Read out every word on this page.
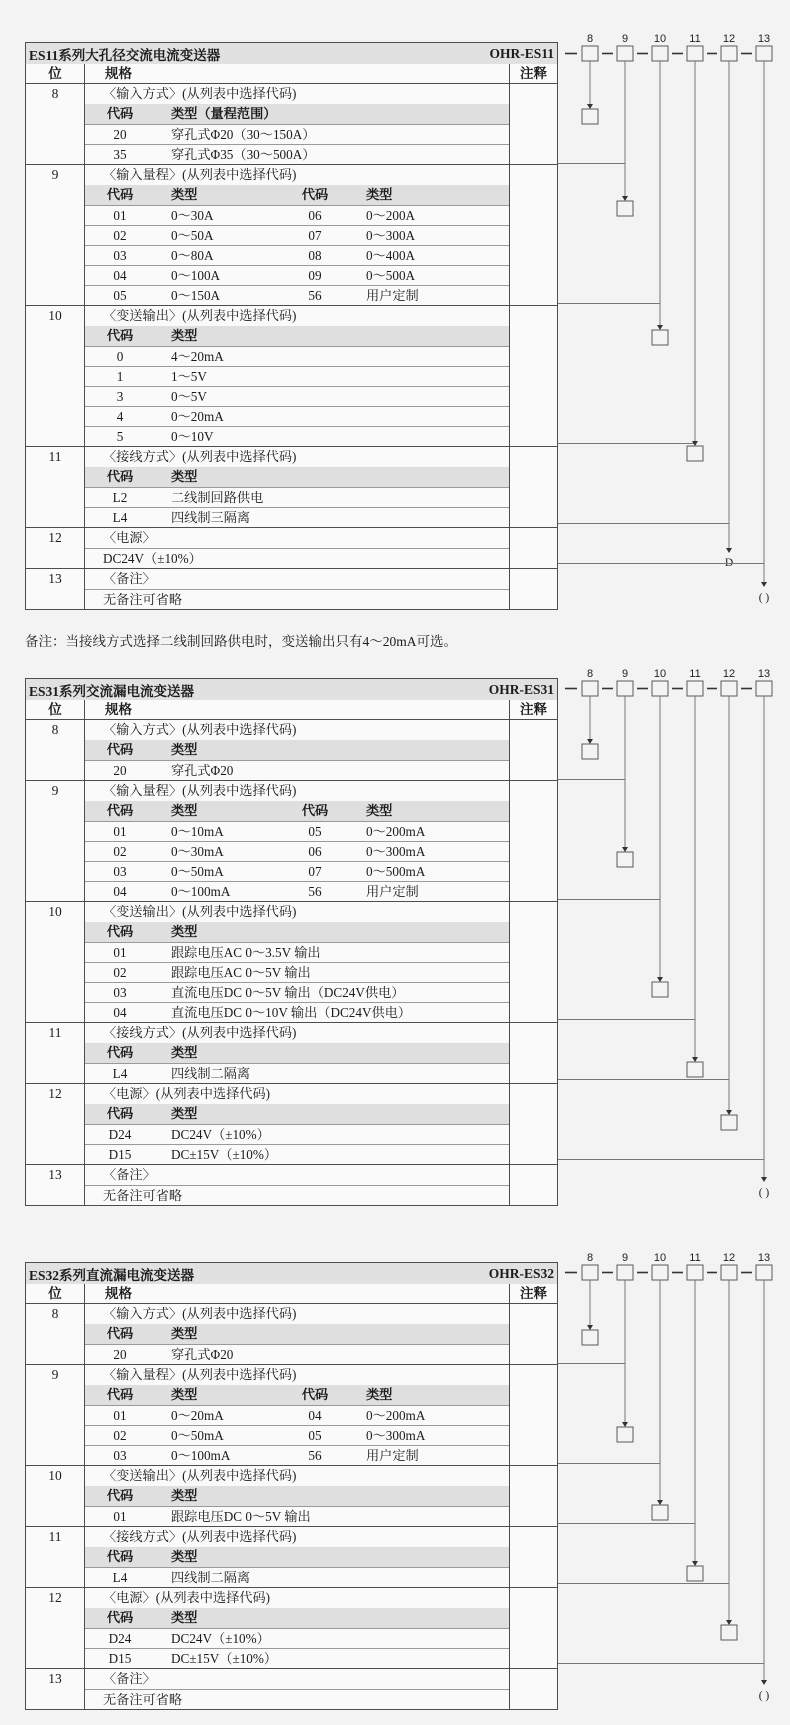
ES11系列大孔径交流电流变送器	OHR-ES11
位	规格	注释
8	〈输入方式〉(从列表中选择代码)
代码	类型（量程范围）
20	穿孔式Φ20（30～150A）
35	穿孔式Φ35（30～500A）
9	〈输入量程〉(从列表中选择代码)
代码	类型	代码	类型
01	0～30A	06	0～200A
02	0～50A	07	0～300A
03	0～80A	08	0～400A
04	0～100A	09	0～500A
05	0～150A	56	用户定制
10	〈变送输出〉(从列表中选择代码)
代码	类型
0	4～20mA
1	1～5V
3	0～5V
4	0～20mA
5	0～10V
11	〈接线方式〉(从列表中选择代码)
代码	类型
L2	二线制回路供电
L4	四线制三隔离
12	〈电源〉
DC24V（±10%）
13	〈备注〉
无备注可省略
备注：当接线方式选择二线制回路供电时，变送输出只有4～20mA可选。
ES31系列交流漏电流变送器	OHR-ES31
位	规格	注释
8	〈输入方式〉(从列表中选择代码)
代码	类型
20	穿孔式Φ20
9	〈输入量程〉(从列表中选择代码)
代码	类型	代码	类型
01	0～10mA	05	0～200mA
02	0～30mA	06	0～300mA
03	0～50mA	07	0～500mA
04	0～100mA	56	用户定制
10	〈变送输出〉(从列表中选择代码)
代码	类型
01	跟踪电压AC 0～3.5V 输出
02	跟踪电压AC 0～5V 输出
03	直流电压DC 0～5V 输出（DC24V供电）
04	直流电压DC 0～10V 输出（DC24V供电）
11	〈接线方式〉(从列表中选择代码)
代码	类型
L4	四线制二隔离
12	〈电源〉(从列表中选择代码)
代码	类型
D24	DC24V（±10%）
D15	DC±15V（±10%）
13	〈备注〉
无备注可省略
ES32系列直流漏电流变送器	OHR-ES32
位	规格	注释
8	〈输入方式〉(从列表中选择代码)
代码	类型
20	穿孔式Φ20
9	〈输入量程〉(从列表中选择代码)
代码	类型	代码	类型
01	0～20mA	04	0～200mA
02	0～50mA	05	0～300mA
03	0～100mA	56	用户定制
10	〈变送输出〉(从列表中选择代码)
代码	类型
01	跟踪电压DC 0～5V 输出
11	〈接线方式〉(从列表中选择代码)
代码	类型
L4	四线制二隔离
12	〈电源〉(从列表中选择代码)
代码	类型
D24	DC24V（±10%）
D15	DC±15V（±10%）
13	〈备注〉
无备注可省略
8	9 10 11 12 13
D
( )
8	9 10 11 12 13
( )
8	9 10 11 12 13
( )
